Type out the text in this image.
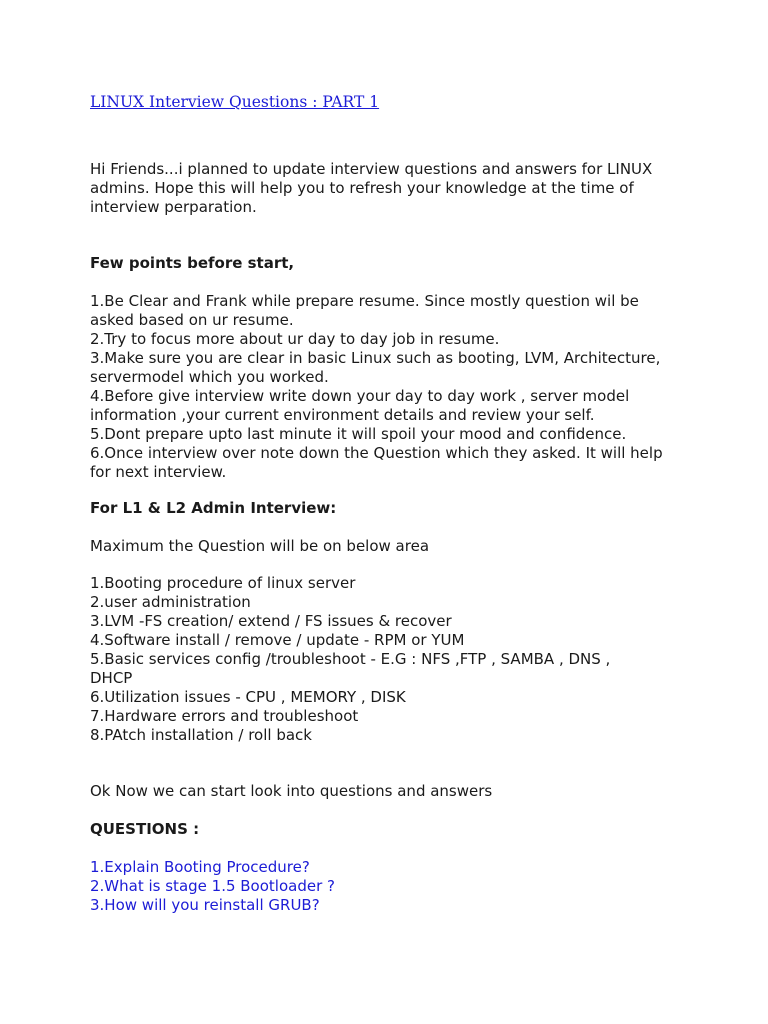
LINUX Interview Questions : PART 1
Hi Friends...i planned to update interview questions and answers for LINUX
admins. Hope this will help you to refresh your knowledge at the time of
interview perparation.
Few points before start,
1.Be Clear and Frank while prepare resume. Since mostly question wil be
asked based on ur resume.
2.Try to focus more about ur day to day job in resume.
3.Make sure you are clear in basic Linux such as booting, LVM, Architecture,
servermodel which you worked.
4.Before give interview write down your day to day work , server model
information ,your current environment details and review your self.
5.Dont prepare upto last minute it will spoil your mood and confidence.
6.Once interview over note down the Question which they asked. It will help
for next interview.
For L1 & L2 Admin Interview:
Maximum the Question will be on below area
1.Booting procedure of linux server
2.user administration
3.LVM -FS creation/ extend / FS issues & recover
4.Software install / remove / update - RPM or YUM
5.Basic services config /troubleshoot - E.G : NFS ,FTP , SAMBA , DNS ,
DHCP
6.Utilization issues - CPU , MEMORY , DISK
7.Hardware errors and troubleshoot
8.PAtch installation / roll back
Ok Now we can start look into questions and answers
QUESTIONS :
1.Explain Booting Procedure?
2.What is stage 1.5 Bootloader ?
3.How will you reinstall GRUB?
